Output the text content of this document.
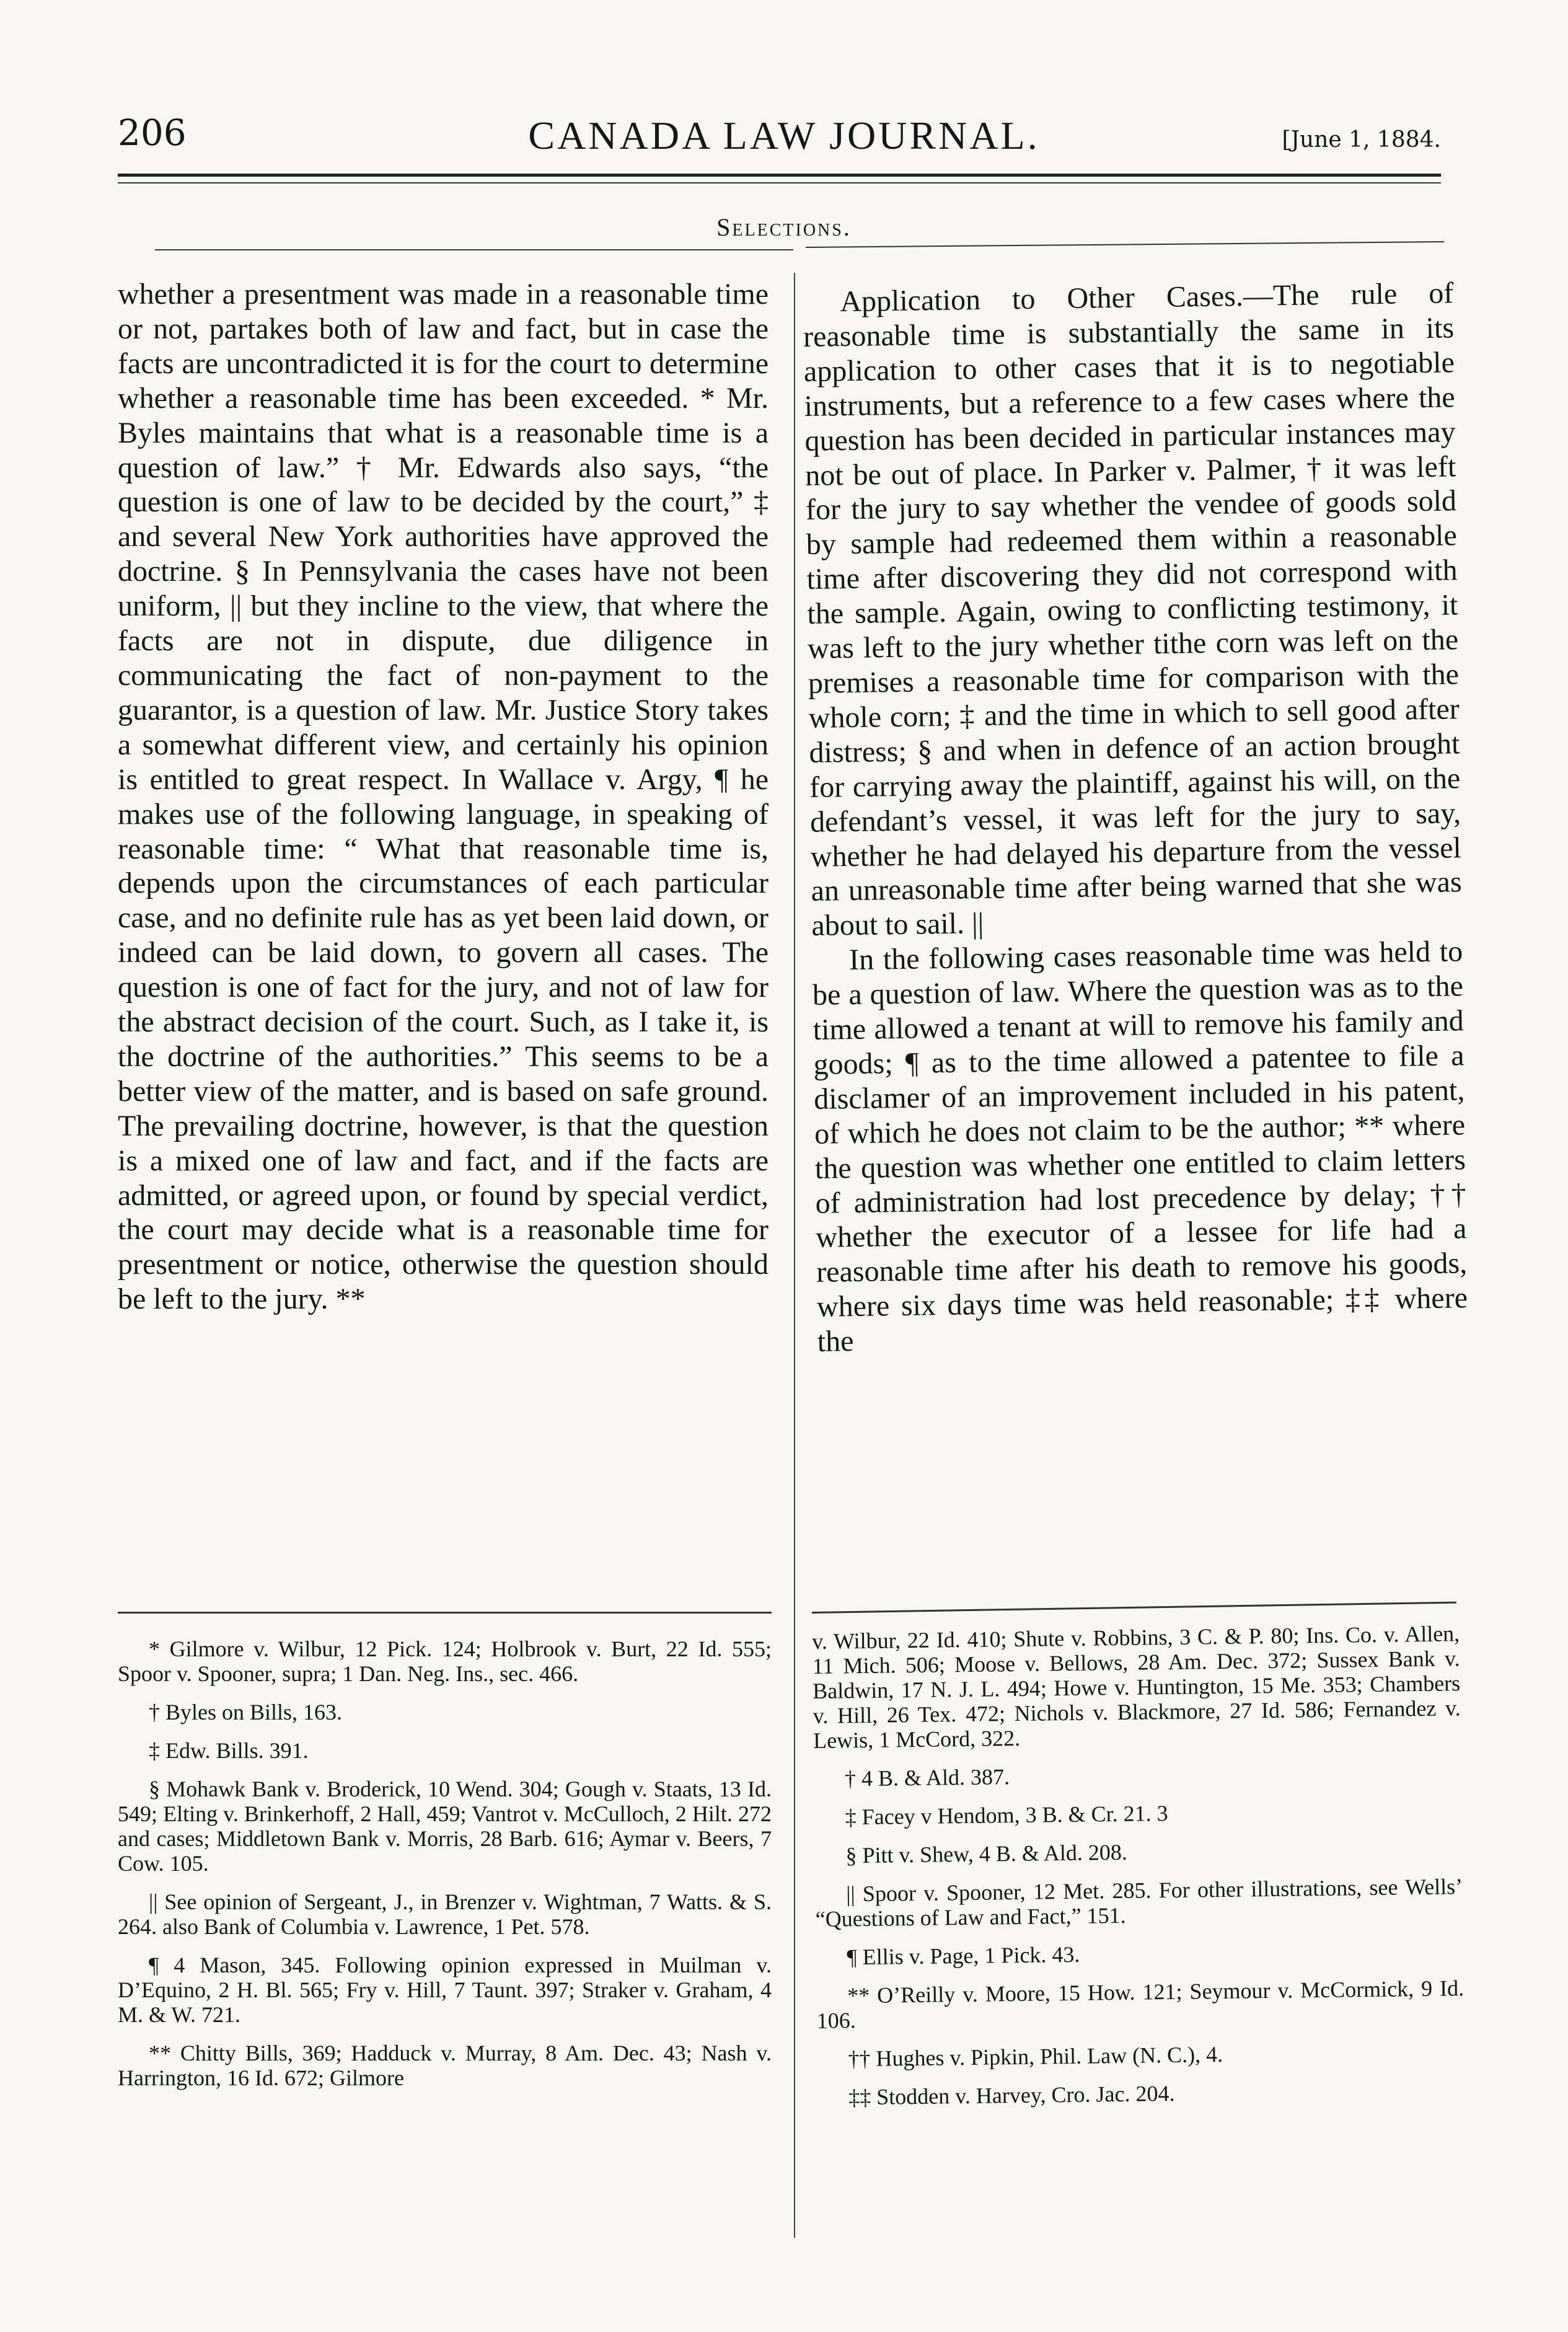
206	CANADA LAW JOURNAL.	[June 1, 1884.
Selections.

whether a presentment was made in a reasonable time or not, partakes both of law and fact, but in case the facts are uncontradicted it is for the court to determine whether a reasonable time has been exceeded. * Mr. Byles maintains that what is a reasonable time is a question of law.” † Mr. Edwards also says, “the question is one of law to be decided by the court,” ‡ and several New York authorities have approved the doctrine. § In Pennsylvania the cases have not been uniform, || but they incline to the view, that where the facts are not in dispute, due diligence in communicating the fact of non-payment to the guarantor, is a question of law. Mr. Justice Story takes a somewhat different view, and certainly his opinion is entitled to great respect. In Wallace v. Argy, ¶ he makes use of the following language, in speaking of reasonable time: “ What that reasonable time is, depends upon the circumstances of each particular case, and no definite rule has as yet been laid down, or indeed can be laid down, to govern all cases. The question is one of fact for the jury, and not of law for the abstract decision of the court. Such, as I take it, is the doctrine of the authorities.” This seems to be a better view of the matter, and is based on safe ground. The prevailing doctrine, however, is that the question is a mixed one of law and fact, and if the facts are admitted, or agreed upon, or found by special verdict, the court may decide what is a reasonable time for presentment or notice, otherwise the question should be left to the jury. **

Application to Other Cases.—The rule of reasonable time is substantially the same in its application to other cases that it is to negotiable instruments, but a reference to a few cases where the question has been decided in particular instances may not be out of place. In Parker v. Palmer, † it was left for the jury to say whether the vendee of goods sold by sample had redeemed them within a reasonable time after discovering they did not correspond with the sample. Again, owing to conflicting testimony, it was left to the jury whether tithe corn was left on the premises a reasonable time for comparison with the whole corn; ‡ and the time in which to sell good after distress; § and when in defence of an action brought for carrying away the plaintiff, against his will, on the defendant’s vessel, it was left for the jury to say, whether he had delayed his departure from the vessel an unreasonable time after being warned that she was about to sail. ||

In the following cases reasonable time was held to be a question of law. Where the question was as to the time allowed a tenant at will to remove his family and goods; ¶ as to the time allowed a patentee to file a disclamer of an improvement included in his patent, of which he does not claim to be the author; ** where the question was whether one entitled to claim letters of administration had lost precedence by delay; †† whether the executor of a lessee for life had a reasonable time after his death to remove his goods, where six days time was held reasonable; ‡‡ where the

* Gilmore v. Wilbur, 12 Pick. 124; Holbrook v. Burt, 22 Id. 555; Spoor v. Spooner, supra; 1 Dan. Neg. Ins., sec. 466.

† Byles on Bills, 163.

‡ Edw. Bills. 391.

§ Mohawk Bank v. Broderick, 10 Wend. 304; Gough v. Staats, 13 Id. 549; Elting v. Brinkerhoff, 2 Hall, 459; Vantrot v. McCulloch, 2 Hilt. 272 and cases; Middletown Bank v. Morris, 28 Barb. 616; Aymar v. Beers, 7 Cow. 105.

|| See opinion of Sergeant, J., in Brenzer v. Wightman, 7 Watts. & S. 264. also Bank of Columbia v. Lawrence, 1 Pet. 578.

¶ 4 Mason, 345. Following opinion expressed in Muilman v. D’Equino, 2 H. Bl. 565; Fry v. Hill, 7 Taunt. 397; Straker v. Graham, 4 M. & W. 721.

** Chitty Bills, 369; Hadduck v. Murray, 8 Am. Dec. 43; Nash v. Harrington, 16 Id. 672; Gilmore

v. Wilbur, 22 Id. 410; Shute v. Robbins, 3 C. & P. 80; Ins. Co. v. Allen, 11 Mich. 506; Moose v. Bellows, 28 Am. Dec. 372; Sussex Bank v. Baldwin, 17 N. J. L. 494; Howe v. Huntington, 15 Me. 353; Chambers v. Hill, 26 Tex. 472; Nichols v. Blackmore, 27 Id. 586; Fernandez v. Lewis, 1 McCord, 322.

† 4 B. & Ald. 387.

‡ Facey v Hendom, 3 B. & Cr. 21. 3

§ Pitt v. Shew, 4 B. & Ald. 208.

|| Spoor v. Spooner, 12 Met. 285. For other illustrations, see Wells’ “Questions of Law and Fact,” 151.

¶ Ellis v. Page, 1 Pick. 43.

** O’Reilly v. Moore, 15 How. 121; Seymour v. McCormick, 9 Id. 106.

†† Hughes v. Pipkin, Phil. Law (N. C.), 4.

‡‡ Stodden v. Harvey, Cro. Jac. 204.
